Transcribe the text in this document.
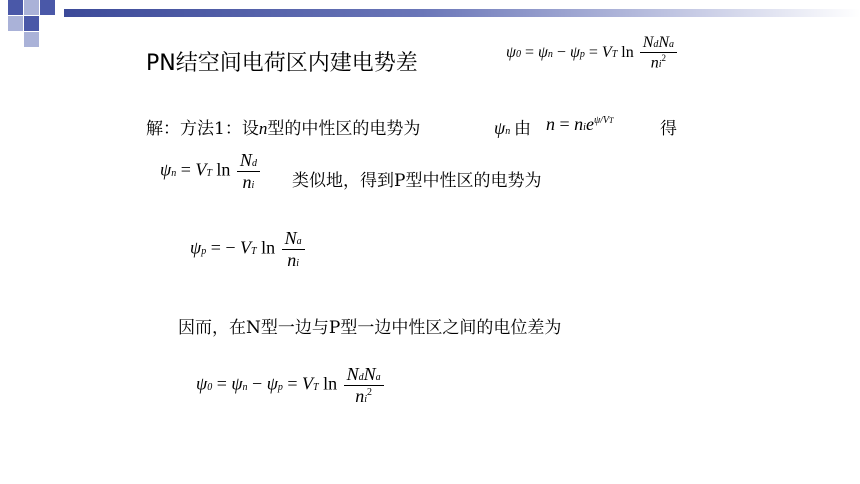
PN结空间电荷区内建电势差	ψ0 = ψn − ψp = VT $\ln \frac{\text{NdNa}}{ni^2}$
解：方法1：设n型的中性区的电势为	ψn 由 n = nie$^{\psi/VT}$	得
ψn = VT $\ln \frac{Nd}{ni}$ 类似地，得到P型中性区的电势为
ψp = − VT $\ln \frac{Na}{ni}$
因而，在N型一边与P型一边中性区之间的电位差为
ψ0 = ψn − ψp = VT $\ln \frac{\text{NdNa}}{ni^2}$
